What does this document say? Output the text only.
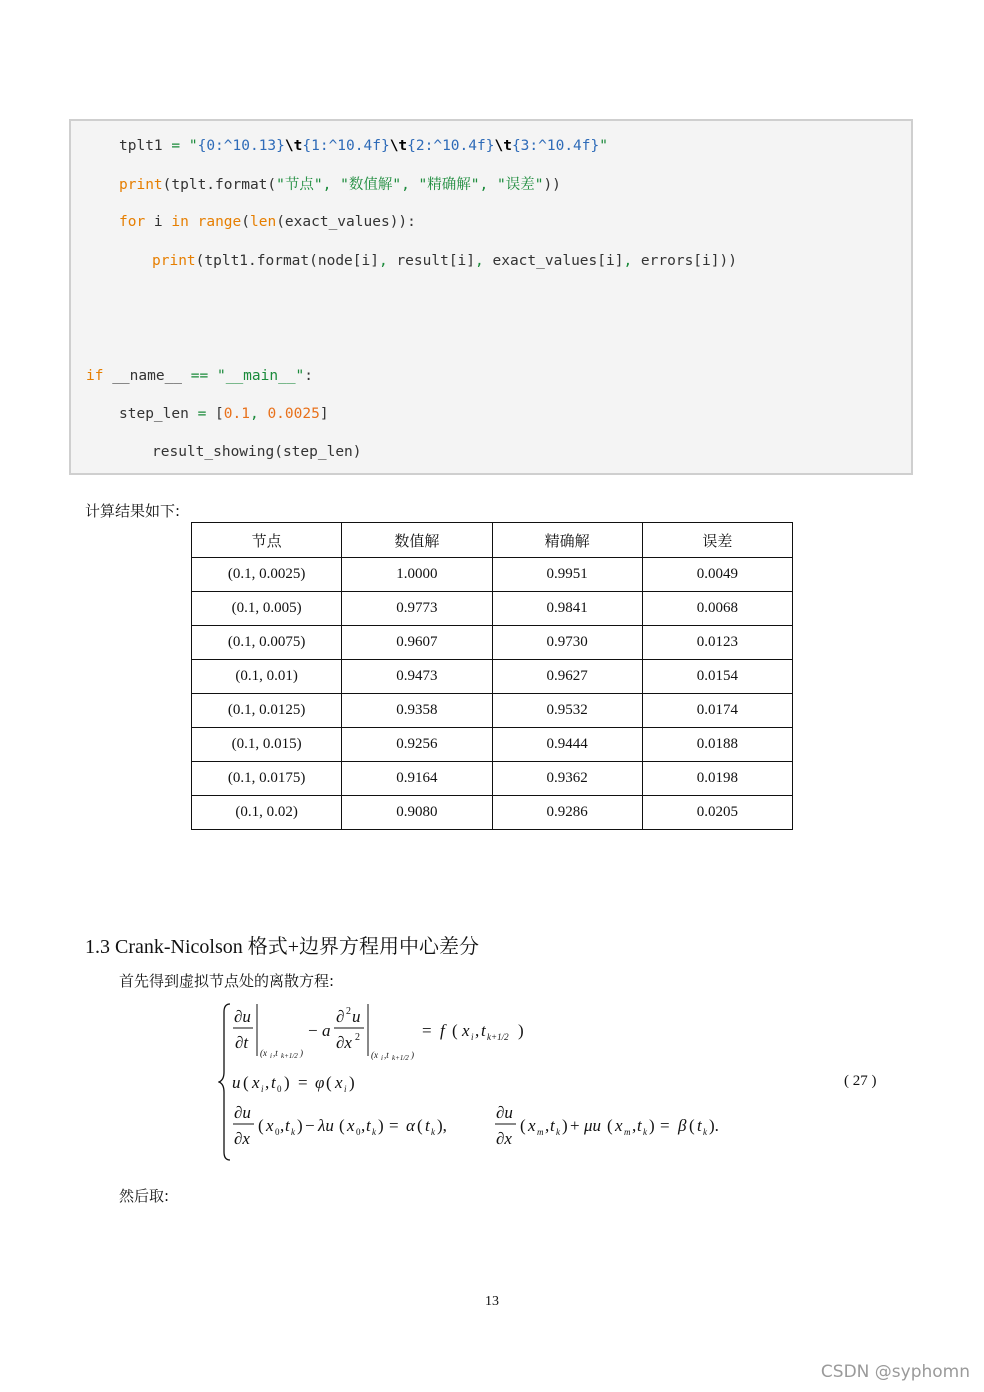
tplt1 = "{0:^10.13}\t{1:^10.4f}\t{2:^10.4f}\t{3:^10.4f}"
print(tplt.format("节点", "数值解", "精确解", "误差"))
for i in range(len(exact_values)):
print(tplt1.format(node[i], result[i], exact_values[i], errors[i]))
if __name__ == "__main__":
step_len = [0.1, 0.0025]
result_showing(step_len)
计算结果如下:
节点	数值解	精确解	误差
(0.1, 0.0025)	1.0000	0.9951	0.0049
(0.1, 0.005)	0.9773	0.9841	0.0068
(0.1, 0.0075)	0.9607	0.9730	0.0123
(0.1, 0.01)	0.9473	0.9627	0.0154
(0.1, 0.0125)	0.9358	0.9532	0.0174
(0.1, 0.015)	0.9256	0.9444	0.0188
(0.1, 0.0175)	0.9164	0.9362	0.0198
(0.1, 0.02)	0.9080	0.9286	0.0205
1.3 Crank-Nicolson 格式+边界方程用中心差分
首先得到虚拟节点处的离散方程:
∂u
∂t
(x i ,t k+1/2 )
− a
∂ 2 u
∂x 2
(x i ,t k+1/2 )
= f ( x i , t k+1/2 )
u ( x i , t 0 ) = φ ( x i )
∂u
∂x
( x 0 , t k ) − λu ( x 0 , t k ) = α ( t k ),
∂u
∂x
( x m , t k ) + μu ( x m , t k ) = β ( t k ).
( 27 )
然后取:
13
CSDN @syphomn
